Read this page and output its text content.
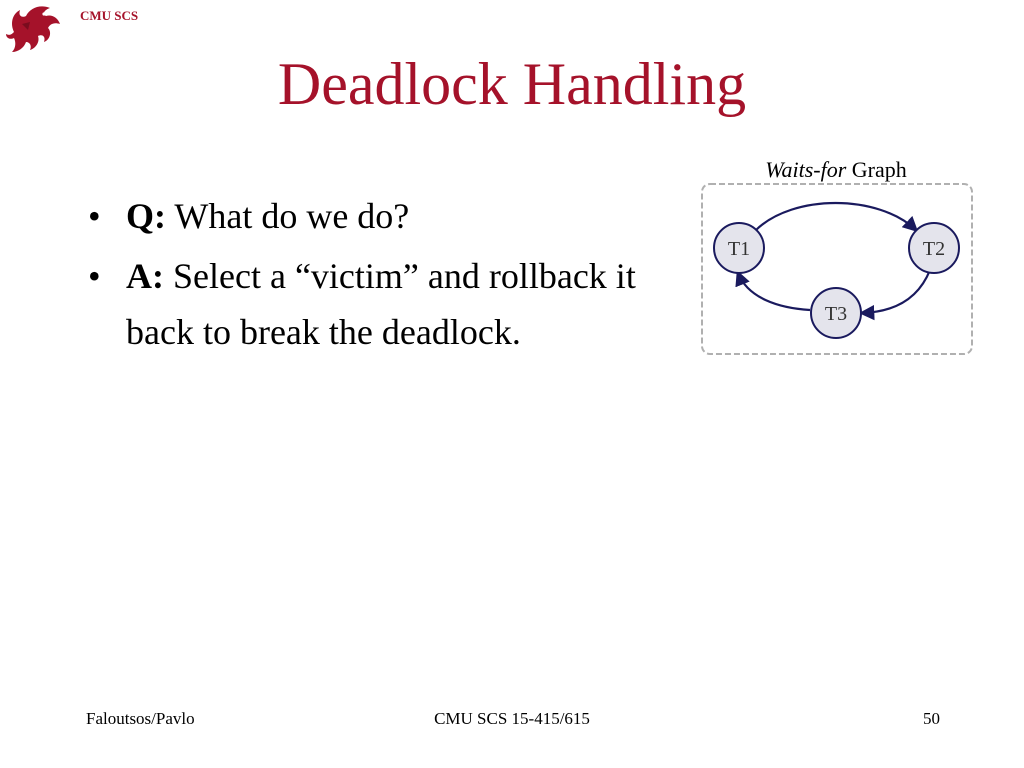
CMU SCS
Deadlock Handling
• Q: What do we do?
• A: Select a “victim” and rollback it back to break the deadlock.
Waits-for Graph
T1	T2
T3
Faloutsos/Pavlo	CMU SCS 15-415/615	50
